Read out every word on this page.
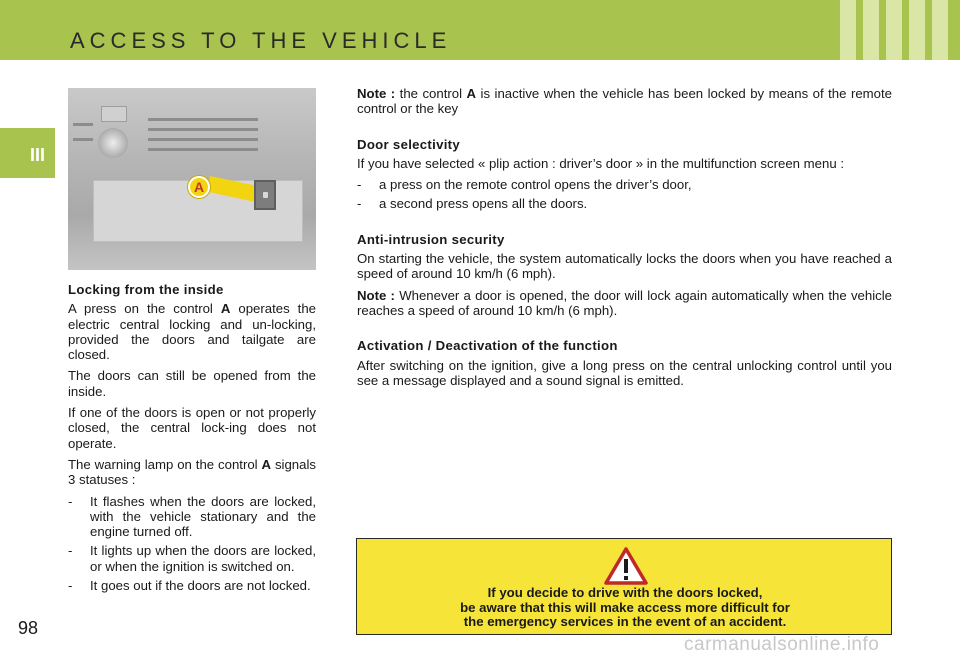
ACCESS TO THE VEHICLE
III
A
Locking from the inside

A press on the control A operates the electric central locking and un-locking, provided the doors and tailgate are closed.

The doors can still be opened from the inside.

If one of the doors is open or not properly closed, the central lock-ing does not operate.

The warning lamp on the control A signals 3 statuses :

- It flashes when the doors are locked, with the vehicle stationary and the engine turned off.
- It lights up when the doors are locked, or when the ignition is switched on.
- It goes out if the doors are not locked.

Note : the control A is inactive when the vehicle has been locked by means of the remote control or the key

Door selectivity

If you have selected « plip action : driver’s door » in the multifunction screen menu :

- a press on the remote control opens the driver’s door,
- a second press opens all the doors.
Anti-intrusion security

On starting the vehicle, the system automatically locks the doors when you have reached a speed of around 10 km/h (6 mph).

Note : Whenever a door is opened, the door will lock again automatically when the vehicle reaches a speed of around 10 km/h (6 mph).

Activation / Deactivation of the function

After switching on the ignition, give a long press on the central unlocking control until you see a message displayed and a sound signal is emitted.

If you decide to drive with the doors locked,
be aware that this will make access more difficult for
the emergency services in the event of an accident.
98
carmanualsonline.info
